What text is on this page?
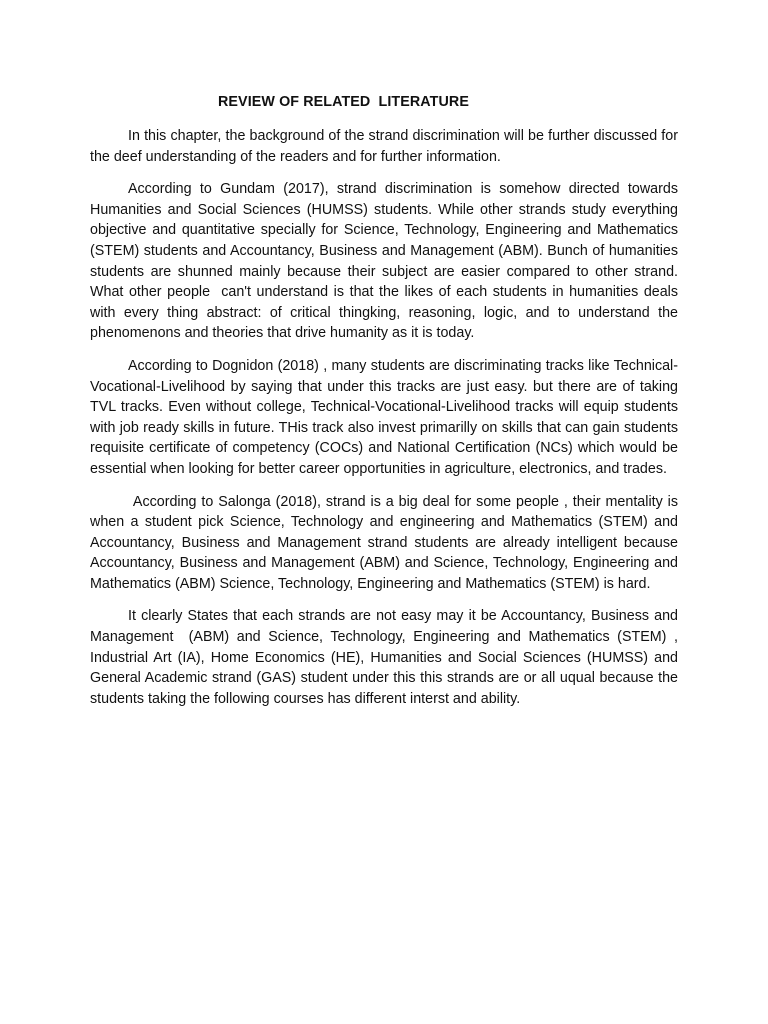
REVIEW OF RELATED  LITERATURE

In this chapter, the background of the strand discrimination will be further discussed for the deef understanding of the readers and for further information.

According to Gundam (2017), strand discrimination is somehow directed towards Humanities and Social Sciences (HUMSS) students. While other strands study everything objective and quantitative specially for Science, Technology, Engineering and Mathematics (STEM) students and Accountancy, Business and Management (ABM). Bunch of humanities students are shunned mainly because their subject are easier compared to other strand. What other people  can't understand is that the likes of each students in humanities deals with every thing abstract: of critical thingking, reasoning, logic, and to understand the phenomenons and theories that drive humanity as it is today.

According to Dognidon (2018) , many students are discriminating tracks like Technical-Vocational-Livelihood by saying that under this tracks are just easy. but there are of taking TVL tracks. Even without college, Technical-Vocational-Livelihood tracks will equip students with job ready skills in future. THis track also invest primarilly on skills that can gain students requisite certificate of competency (COCs) and National Certification (NCs) which would be essential when looking for better career opportunities in agriculture, electronics, and trades.

According to Salonga (2018), strand is a big deal for some people , their mentality is when a student pick Science, Technology and engineering and Mathematics (STEM) and Accountancy, Business and Management strand students are already intelligent because Accountancy, Business and Management (ABM) and Science, Technology, Engineering and Mathematics (ABM) Science, Technology, Engineering and Mathematics (STEM) is hard.

It clearly States that each strands are not easy may it be Accountancy, Business and Management  (ABM) and Science, Technology, Engineering and Mathematics (STEM) , Industrial Art (IA), Home Economics (HE), Humanities and Social Sciences (HUMSS) and General Academic strand (GAS) student under this this strands are or all uqual because the students taking the following courses has different interst and ability.
